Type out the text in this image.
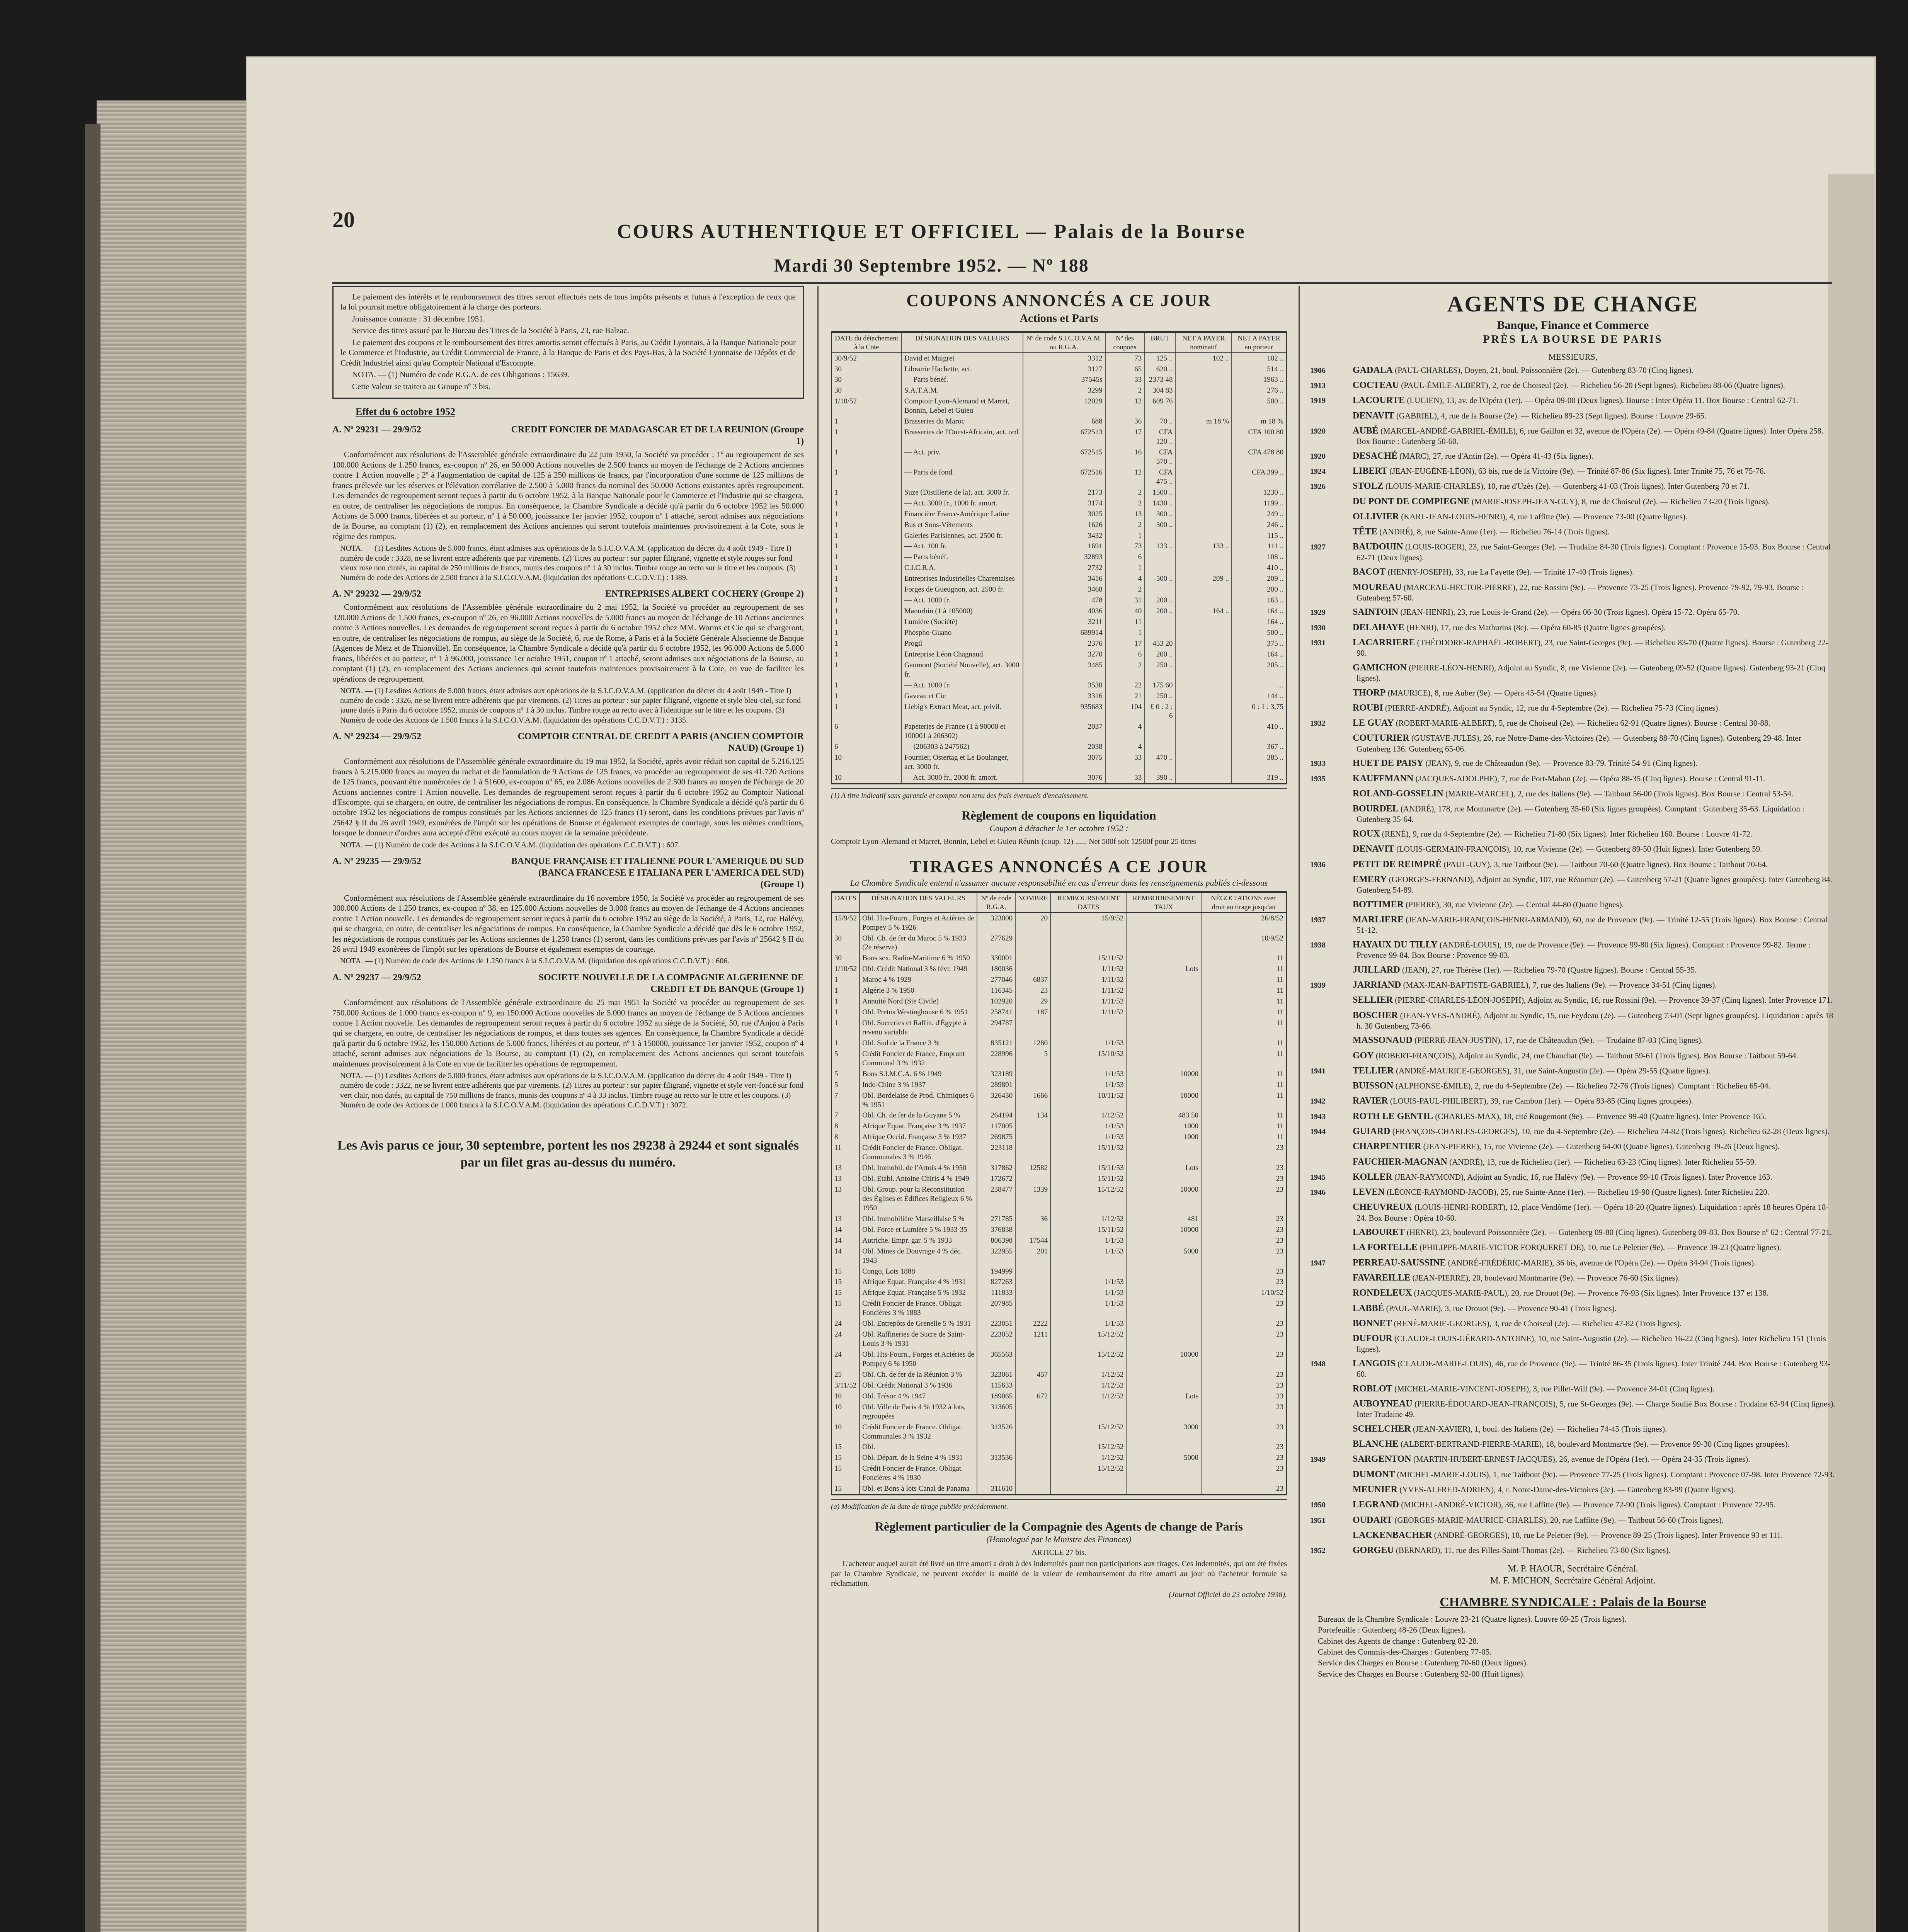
20	COURS AUTHENTIQUE ET OFFICIEL — Palais de la Bourse
Mardi 30 Septembre 1952. — Nº 188

Le paiement des intérêts et le remboursement des titres seront effectués nets de tous impôts présents et futurs à l'exception de ceux que la loi pourrait mettre obligatoirement à la charge des porteurs.

Jouissance courante : 31 décembre 1951.

Service des titres assuré par le Bureau des Titres de la Société à Paris, 23, rue Balzac.

Le paiement des coupons et le remboursement des titres amortis seront effectués à Paris, au Crédit Lyonnais, à la Banque Nationale pour le Commerce et l'Industrie, au Crédit Commercial de France, à la Banque de Paris et des Pays-Bas, à la Société Lyonnaise de Dépôts et de Crédit Industriel ainsi qu'au Comptoir National d'Escompte.

NOTA. — (1) Numéro de code R.G.A. de ces Obligations : 15639.

Cette Valeur se traitera au Groupe nº 3 bis.

Effet du 6 octobre 1952
A. Nº 29231 — 29/9/52	CREDIT FONCIER DE MADAGASCAR ET DE LA REUNION (Groupe 1)

Conformément aux résolutions de l'Assemblée générale extraordinaire du 22 juin 1950, la Société va procéder : 1º au regroupement de ses 100.000 Actions de 1.250 francs, ex-coupon nº 26, en 50.000 Actions nouvelles de 2.500 francs au moyen de l'échange de 2 Actions anciennes contre 1 Action nouvelle ; 2º à l'augmentation de capital de 125 à 250 millions de francs, par l'incorporation d'une somme de 125 millions de francs prélevée sur les réserves et l'élévation corrélative de 2.500 à 5.000 francs du nominal des 50.000 Actions existantes après regroupement. Les demandes de regroupement seront reçues à partir du 6 octobre 1952, à la Banque Nationale pour le Commerce et l'Industrie qui se chargera, en outre, de centraliser les négociations de rompus. En conséquence, la Chambre Syndicale a décidé qu'à partir du 6 octobre 1952 les 50.000 Actions de 5.000 francs, libérées et au porteur, nº 1 à 50.000, jouissance 1er janvier 1952, coupon nº 1 attaché, seront admises aux négociations de la Bourse, au comptant (1) (2), en remplacement des Actions anciennes qui seront toutefois maintenues provisoirement à la Cote, sous le régime des rompus.

NOTA. — (1) Lesdites Actions de 5.000 francs, étant admises aux opérations de la S.I.C.O.V.A.M. (application du décret du 4 août 1949 - Titre I) numéro de code : 3328, ne se livrent entre adhérents que par virements. (2) Titres au porteur : sur papier filigrané, vignette et style rouges sur fond vieux rose non cintés, au capital de 250 millions de francs, munis des coupons nº 1 à 30 inclus. Timbre rouge au recto sur le titre et les coupons. (3) Numéro de code des Actions de 2.500 francs à la S.I.C.O.V.A.M. (liquidation des opérations C.C.D.V.T.) : 1389.

A. Nº 29232 — 29/9/52	ENTREPRISES ALBERT COCHERY (Groupe 2)

Conformément aux résolutions de l'Assemblée générale extraordinaire du 2 mai 1952, la Société va procéder au regroupement de ses 320.000 Actions de 1.500 francs, ex-coupon nº 26, en 96.000 Actions nouvelles de 5.000 francs au moyen de l'échange de 10 Actions anciennes contre 3 Actions nouvelles. Les demandes de regroupement seront reçues à partir du 6 octobre 1952 chez MM. Worms et Cie qui se chargeront, en outre, de centraliser les négociations de rompus, au siège de la Société, 6, rue de Rome, à Paris et à la Société Générale Alsacienne de Banque (Agences de Metz et de Thionville). En conséquence, la Chambre Syndicale a décidé qu'à partir du 6 octobre 1952, les 96.000 Actions de 5.000 francs, libérées et au porteur, nº 1 à 96.000, jouissance 1er octobre 1951, coupon nº 1 attaché, seront admises aux négociations de la Bourse, au comptant (1) (2), en remplacement des Actions anciennes qui seront toutefois maintenues provisoirement à la Cote, en vue de faciliter les opérations de regroupement.

NOTA. — (1) Lesdites Actions de 5.000 francs, étant admises aux opérations de la S.I.C.O.V.A.M. (application du décret du 4 août 1949 - Titre I) numéro de code : 3326, ne se livrent entre adhérents que par virements. (2) Titres au porteur : sur papier filigrané, vignette et style bleu-ciel, sur fond jaune datés à Paris du 6 octobre 1952, munis de coupons nº 1 à 30 inclus. Timbre rouge au recto avec à l'identique sur le titre et les coupons. (3) Numéro de code des Actions de 1.500 francs à la S.I.C.O.V.A.M. (liquidation des opérations C.C.D.V.T.) : 3135.

A. Nº 29234 — 29/9/52	COMPTOIR CENTRAL DE CREDIT A PARIS (ANCIEN COMPTOIR NAUD) (Groupe 1)

Conformément aux résolutions de l'Assemblée générale extraordinaire du 19 mai 1952, la Société, après avoir réduit son capital de 5.216.125 francs à 5.215.000 francs au moyen du rachat et de l'annulation de 9 Actions de 125 francs, va procéder au regroupement de ses 41.720 Actions de 125 francs, pouvant être numérotées de 1 à 51600, ex-coupon nº 65, en 2.086 Actions nouvelles de 2.500 francs au moyen de l'échange de 20 Actions anciennes contre 1 Action nouvelle. Les demandes de regroupement seront reçues à partir du 6 octobre 1952 au Comptoir National d'Escompte, qui se chargera, en outre, de centraliser les négociations de rompus. En conséquence, la Chambre Syndicale a décidé qu'à partir du 6 octobre 1952 les négociations de rompus constitués par les Actions anciennes de 125 francs (1) seront, dans les conditions prévues par l'avis nº 25642 § II du 26 avril 1949, exonérées de l'impôt sur les opérations de Bourse et également exemptes de courtage, sous les mêmes conditions, lorsque le donneur d'ordres aura accepté d'être exécuté au cours moyen de la semaine précédente.

NOTA. — (1) Numéro de code des Actions à la S.I.C.O.V.A.M. (liquidation des opérations C.C.D.V.T.) : 607.

A. Nº 29235 — 29/9/52	BANQUE FRANÇAISE ET ITALIENNE POUR L'AMERIQUE DU SUD (BANCA FRANCESE E ITALIANA PER L'AMERICA DEL SUD) (Groupe 1)

Conformément aux résolutions de l'Assemblée générale extraordinaire du 16 novembre 1950, la Société va procéder au regroupement de ses 300.000 Actions de 1.250 francs, ex-coupon nº 38, en 125.000 Actions nouvelles de 3.000 francs au moyen de l'échange de 4 Actions anciennes contre 1 Action nouvelle. Les demandes de regroupement seront reçues à partir du 6 octobre 1952 au siège de la Société, à Paris, 12, rue Halévy, qui se chargera, en outre, de centraliser les négociations de rompus. En conséquence, la Chambre Syndicale a décidé que dès le 6 octobre 1952, les négociations de rompus constitués par les Actions anciennes de 1.250 francs (1) seront, dans les conditions prévues par l'avis nº 25642 § II du 26 avril 1949 exonérées de l'impôt sur les opérations de Bourse et également exemptes de courtage.

NOTA. — (1) Numéro de code des Actions de 1.250 francs à la S.I.C.O.V.A.M. (liquidation des opérations C.C.D.V.T.) : 606.

A. Nº 29237 — 29/9/52	SOCIETE NOUVELLE DE LA COMPAGNIE ALGERIENNE DE CREDIT ET DE BANQUE (Groupe 1)

Conformément aux résolutions de l'Assemblée générale extraordinaire du 25 mai 1951 la Société va procéder au regroupement de ses 750.000 Actions de 1.000 francs ex-coupon nº 9, en 150.000 Actions nouvelles de 5.000 francs au moyen de l'échange de 5 Actions anciennes contre 1 Action nouvelle. Les demandes de regroupement seront reçues à partir du 6 octobre 1952 au siège de la Société, 50, rue d'Anjou à Paris qui se chargera, en outre, de centraliser les négociations de rompus, et dans toutes ses agences. En conséquence, la Chambre Syndicale a décidé qu'à partir du 6 octobre 1952, les 150.000 Actions de 5.000 francs, libérées et au porteur, nº 1 à 150000, jouissance 1er janvier 1952, coupon nº 4 attaché, seront admises aux négociations de la Bourse, au comptant (1) (2), en remplacement des Actions anciennes qui seront toutefois maintenues provisoirement à la Cote en vue de faciliter les opérations de regroupement.

NOTA. — (1) Lesdites Actions de 5.000 francs, étant admises aux opérations de la S.I.C.O.V.A.M. (application du décret du 4 août 1949 - Titre I) numéro de code : 3322, ne se livrent entre adhérents que par virements. (2) Titres au porteur : sur papier filigrané, vignette et style vert-foncé sur fond vert clair, non datés, au capital de 750 millions de francs, munis des coupons nº 4 à 33 inclus. Timbre rouge au recto sur le titre et les coupons. (3) Numéro de code des Actions de 1.000 francs à la S.I.C.O.V.A.M. (liquidation des opérations C.C.D.V.T.) : 3072.

Les Avis parus ce jour, 30 septembre, portent les nos 29238 à 29244 et sont signalés par un filet gras au-dessus du numéro.
COUPONS ANNONCÉS A CE JOUR
Actions et Parts
DATE du détachement à la Cote	DÉSIGNATION DES VALEURS	Nº de code S.I.C.O.V.A.M. ou R.G.A.	Nº des coupons	BRUT	NET A PAYER nominatif	NET A PAYER au porteur
30/9/52	David et Maigret	3312	73	125 ..	102 ..	102 ..
30	Librairie Hachette, act.	3127	65	620 ..		514 ..
30	— Parts bénéf.	37545s	33	2373 48		1963 ..
30	S.A.T.A.M.	3299	2	304 83		276 ..
1/10/52	Comptoir Lyon-Alemand et Marret, Bonnin, Lebel et Guieu	12029	12	609 76		500 ..
1	Brasseries du Maroc	688	36	70 ..	m 18 %	m 18 %
1	Brasseries de l'Ouest-Africain, act. ord.	672513	17	CFA 120 ..		CFA 100 80
1	— Act. priv.	672515	16	CFA 570 ..		CFA 478 80
1	— Parts de fond.	672516	12	CFA 475 ..		CFA 399 ..
1	Suze (Distillerie de la), act. 3000 fr.	2173	2	1500 ..		1230 ..
1	— Act. 3000 fr., 1000 fr. amort.	3174	2	1430 ..		1199 ..
1	Financière France-Amérique Latine	3025	13	300 ..		249 ..
1	Bus et Sons-Vêtements	1626	2	300 ..		246 ..
1	Galeries Parisiennes, act. 2500 fr.	3432	1			115 ..
1	— Act. 100 fr.	1691	73	133 ..	133 ..	111 ..
1	— Parts bénéf.	32893	6			108 ..
1	C.I.C.R.A.	2732	1			410 ..
1	Entreprises Industrielles Charentaises	3416	4	500 ..	209 ..	209 ..
1	Forges de Gueugnon, act. 2500 fr.	3468	2			200 ..
1	— Act. 1000 fr.	478	31	200 ..		163 ..
1	Manurhin (1 à 105000)	4036	40	200 ..	164 ..	164 ..
1	Lumière (Société)	3211	11			164 ..
1	Phospho-Guano	689914	1			500 ..
1	Progil	2376	17	453 20		375 ..
1	Entreprise Léon Chagnaud	3270	6	200 ..		164 ..
1	Gaumont (Société Nouvelle), act. 3000 fr.	3485	2	250 ..		205 ..
1	— Act. 1000 fr.	3530	22	175 60		...
1	Gaveau et Cie	3316	21	250 ..		144 ..
1	Liebig's Extract Meat, act. privil.	935683	104	£ 0 : 2 : 6		0 : 1 : 3,75
6	Papeteries de France (1 à 90000 et 100001 à 206302)	2037	4			410 ..
6	— (206303 à 247562)	2038	4			367 ..
10	Fournier, Ostertag et Le Boulanger, act. 3000 fr.	3075	33	470 ..		385 ..
10	— Act. 3000 fr., 2000 fr. amort.	3076	33	390 ..		319 ..
(1) A titre indicatif sans garantie et compte non tenu des frais éventuels d'encaissement.
Règlement de coupons en liquidation
Coupon à détacher le 1er octobre 1952 :
Comptoir Lyon-Alemand et Marret, Bonnin, Lebel et Guieu Réunis (coup. 12) ...... Net 500f soit 12500f pour 25 titres
TIRAGES ANNONCÉS A CE JOUR
La Chambre Syndicale entend n'assumer aucune responsabilité en cas d'erreur dans les renseignements publiés ci-dessous
DATES	DÉSIGNATION DES VALEURS	Nº de code R.G.A.	NOMBRE	REMBOURSEMENT DATES	REMBOURSEMENT TAUX	NÉGOCIATIONS avec droit au tirage jusqu'au
15/9/52	Obl. Hts-Fourn., Forges et Aciéries de Pompey 5 % 1926	323000	20	15/9/52		26/8/52
30	Obl. Ch. de fer du Maroc 5 % 1933 (2e réserve)	277629				10/9/52
30	Bons sex. Radio-Maritime 6 % 1950	330001		15/11/52		11
1/10/52	Obl. Crédit National 3 % févr. 1949	180036		1/11/52	Lots	11
1	Maroc 4 % 1929	277046	6837	1/11/52		11
1	Algérie 3 % 1950	116345	23	1/11/52		11
1	Annuité Nord (Ste Civile)	102920	29	1/11/52		11
1	Obl. Pretos Westinghouse 6 % 1951	258741	187	1/11/52		11
1	Obl. Sucreries et Raffin. d'Égypte à revenu variable	294787				11
1	Obl. Sud de la France 3 %	835121	1280	1/1/53		11
5	Crédit Foncier de France, Emprunt Communal 3 % 1932	228996	5	15/10/52		11
5	Bons S.I.M.C.A. 6 % 1949	323189		1/1/53	10000	11
5	Indo-Chine 3 % 1937	289801		1/1/53		11
7	Obl. Bordelaise de Prod. Chimiques 6 % 1951	326430	1666	10/11/52	10000	11
7	Obl. Ch. de fer de la Guyane 5 %	264194	134	1/12/52	483 50	11
8	Afrique Equat. Française 3 % 1937	117005		1/1/53	1000	11
8	Afrique Occid. Française 3 % 1937	269875		1/1/53	1000	11
11	Crédit Foncier de France. Obligat. Communales 3 % 1946	223118		15/11/52		23
13	Obl. Immobil. de l'Artois 4 % 1950	317862	12582	15/11/53	Lots	23
13	Obl. Etabl. Antoine Chiris 4 % 1949	172672		15/11/52		23
13	Obl. Group. pour la Reconstitution des Églises et Édifices Religieux 6 % 1950	238477	1339	15/12/52	10000	23
13	Obl. Immobilière Marseillaise 5 %	271785	36	1/12/52	481	23
14	Obl. Force et Lumière 5 % 1933-35	376838		15/11/52	10000	23
14	Autriche. Empr. gar. 5 % 1933	806398	17544	1/1/53		23
14	Obl. Mines de Douvrage 4 % déc. 1943	322955	201	1/1/53	5000	23
15	Congo, Lots 1888	194999				23
15	Afrique Equat. Française 4 % 1931	827263		1/1/53		23
15	Afrique Equat. Française 5 % 1932	111833		1/1/53		1/10/52
15	Crédit Foncier de France. Obligat. Foncières 3 % 1883	207985		1/1/53		23
24	Obl. Entrepôts de Grenelle 5 % 1931	223051	2222	1/1/53		23
24	Obl. Raffineries de Sucre de Saint-Louis 3 % 1931	223052	1211	15/12/52		23
24	Obl. Hts-Fourn., Forges et Aciéries de Pompey 6 % 1950	365563		15/12/52	10000	23
25	Obl. Ch. de fer de la Réunion 3 %	323061	457	1/12/52		23
3/11/52	Obl. Crédit National 3 % 1936	115633		1/12/52		23
10	Obl. Trésor 4 % 1947	189065	672	1/12/52	Lots	23
10	Obl. Ville de Paris 4 % 1932 à lots, regroupées	313605				23
10	Crédit Foncier de France. Obligat. Communales 3 % 1932	313526		15/12/52	3000	23
15	Obl.			15/12/52		23
15	Obl. Départ. de la Seine 4 % 1931	313536		1/12/52	5000	23
15	Crédit Foncier de France. Obligat. Foncières 4 % 1930			15/12/52		23
15	Obl. et Bons à lots Canal de Panama	311610				23
(a) Modification de la date de tirage publiée précédemment.
Règlement particulier de la Compagnie des Agents de change de Paris
(Homologué par le Ministre des Finances)
ARTICLE 27 bis.

L'acheteur auquel aurait été livré un titre amorti a droit à des indemnités pour non participations aux tirages. Ces indemnités, qui ont été fixées par la Chambre Syndicale, ne peuvent excéder la moitié de la valeur de remboursement du titre amorti au jour où l'acheteur formule sa réclamation.

(Journal Officiel du 23 octobre 1938).
AGENTS DE CHANGE
Banque, Finance et Commerce
PRÈS LA BOURSE DE PARIS
MESSIEURS,

1906	GADALA (PAUL-CHARLES), Doyen, 21, boul. Poissonnière (2e). — Gutenberg 83-70 (Cinq lignes).

1913	COCTEAU (PAUL-ÉMILE-ALBERT), 2, rue de Choiseul (2e). — Richelieu 56-20 (Sept lignes). Richelieu 88-06 (Quatre lignes).

1919	LACOURTE (LUCIEN), 13, av. de l'Opéra (1er). — Opéra 09-00 (Deux lignes). Bourse : Inter Opéra 11. Box Bourse : Central 62-71.

DENAVIT (GABRIEL), 4, rue de la Bourse (2e). — Richelieu 89-23 (Sept lignes). Bourse : Louvre 29-65.

1920	AUBÉ (MARCEL-ANDRÉ-GABRIEL-ÉMILE), 6, rue Gaillon et 32, avenue de l'Opéra (2e). — Opéra 49-84 (Quatre lignes). Inter Opéra 258. Box Bourse : Gutenberg 50-60.

1920	DESACHÉ (MARC), 27, rue d'Antin (2e). — Opéra 41-43 (Six lignes).

1924	LIBERT (JEAN-EUGÈNE-LÉON), 63 bis, rue de la Victoire (9e). — Trinité 87-86 (Six lignes). Inter Trinité 75, 76 et 75-76.

1926	STOLZ (LOUIS-MARIE-CHARLES), 10, rue d'Uzès (2e). — Gutenberg 41-03 (Trois lignes). Inter Gutenberg 70 et 71.

DU PONT DE COMPIEGNE (MARIE-JOSEPH-JEAN-GUY), 8, rue de Choiseul (2e). — Richelieu 73-20 (Trois lignes).

OLLIVIER (KARL-JEAN-LOUIS-HENRI), 4, rue Laffitte (9e). — Provence 73-00 (Quatre lignes).

TÊTE (ANDRÉ), 8, rue Sainte-Anne (1er). — Richelieu 76-14 (Trois lignes).

1927	BAUDOUIN (LOUIS-ROGER), 23, rue Saint-Georges (9e). — Trudaine 84-30 (Trois lignes). Comptant : Provence 15-93. Box Bourse : Central 62-71 (Deux lignes).

BACOT (HENRY-JOSEPH), 33, rue La Fayette (9e). — Trinité 17-40 (Trois lignes).

MOUREAU (MARCEAU-HECTOR-PIERRE), 22, rue Rossini (9e). — Provence 73-25 (Trois lignes). Provence 79-92, 79-93. Bourse : Gutenberg 57-60.

1929	SAINTOIN (JEAN-HENRI), 23, rue Louis-le-Grand (2e). — Opéra 06-30 (Trois lignes). Opéra 15-72. Opéra 65-70.

1930	DELAHAYE (HENRI), 17, rue des Mathurins (8e). — Opéra 60-85 (Quatre lignes groupées).

1931	LACARRIERE (THÉODORE-RAPHAËL-ROBERT), 23, rue Saint-Georges (9e). — Richelieu 83-70 (Quatre lignes). Bourse : Gutenberg 22-90.

GAMICHON (PIERRE-LÉON-HENRI), Adjoint au Syndic, 8, rue Vivienne (2e). — Gutenberg 09-52 (Quatre lignes). Gutenberg 93-21 (Cinq lignes).

THORP (MAURICE), 8, rue Auber (9e). — Opéra 45-54 (Quatre lignes).

ROUBI (PIERRE-ANDRÉ), Adjoint au Syndic, 12, rue du 4-Septembre (2e). — Richelieu 75-73 (Cinq lignes).

1932	LE GUAY (ROBERT-MARIE-ALBERT), 5, rue de Choiseul (2e). — Richelieu 62-91 (Quatre lignes). Bourse : Central 30-88.

COUTURIER (GUSTAVE-JULES), 26, rue Notre-Dame-des-Victoires (2e). — Gutenberg 88-70 (Cinq lignes). Gutenberg 29-48. Inter Gutenberg 136. Gutenberg 65-06.

1933	HUET DE PAISY (JEAN), 9, rue de Châteaudun (9e). — Provence 83-79. Trinité 54-91 (Cinq lignes).

1935	KAUFFMANN (JACQUES-ADOLPHE), 7, rue de Port-Mahon (2e). — Opéra 88-35 (Cinq lignes). Bourse : Central 91-11.

ROLAND-GOSSELIN (MARIE-MARCEL), 2, rue des Italiens (9e). — Taitbout 56-00 (Trois lignes). Box Bourse : Central 53-54.

BOURDEL (ANDRÉ), 178, rue Montmartre (2e). — Gutenberg 35-60 (Six lignes groupées). Comptant : Gutenberg 35-63. Liquidation : Gutenberg 35-64.

ROUX (RENÉ), 9, rue du 4-Septembre (2e). — Richelieu 71-80 (Six lignes). Inter Richelieu 160. Bourse : Louvre 41-72.

DENAVIT (LOUIS-GERMAIN-FRANÇOIS), 10, rue Vivienne (2e). — Gutenberg 89-50 (Huit lignes). Inter Gutenberg 59.

1936	PETIT DE REIMPRÉ (PAUL-GUY), 3, rue Taitbout (9e). — Taitbout 70-60 (Quatre lignes). Box Bourse : Taitbout 70-64.

EMERY (GEORGES-FERNAND), Adjoint au Syndic, 107, rue Réaumur (2e). — Gutenberg 57-21 (Quatre lignes groupées). Inter Gutenberg 84. Gutenberg 54-89.

BOTTIMER (PIERRE), 30, rue Vivienne (2e). — Central 44-80 (Quatre lignes).

1937	MARLIERE (JEAN-MARIE-FRANÇOIS-HENRI-ARMAND), 60, rue de Provence (9e). — Trinité 12-55 (Trois lignes). Box Bourse : Central 51-12.

1938	HAYAUX DU TILLY (ANDRÉ-LOUIS), 19, rue de Provence (9e). — Provence 99-80 (Six lignes). Comptant : Provence 99-82. Terme : Provence 99-84. Box Bourse : Provence 99-83.

JUILLARD (JEAN), 27, rue Thérèse (1er). — Richelieu 79-70 (Quatre lignes). Bourse : Central 55-35.

1939	JARRIAND (MAX-JEAN-BAPTISTE-GABRIEL), 7, rue des Italiens (9e). — Provence 34-51 (Cinq lignes).

SELLIER (PIERRE-CHARLES-LÉON-JOSEPH), Adjoint au Syndic, 16, rue Rossini (9e). — Provence 39-37 (Cinq lignes). Inter Provence 171.

BOSCHER (JEAN-YVES-ANDRÉ), Adjoint au Syndic, 15, rue Feydeau (2e). — Gutenberg 73-01 (Sept lignes groupées). Liquidation : après 18 h. 30 Gutenberg 73-66.

MASSONAUD (PIERRE-JEAN-JUSTIN), 17, rue de Châteaudun (9e). — Trudaine 87-03 (Cinq lignes).

GOY (ROBERT-FRANÇOIS), Adjoint au Syndic, 24, rue Chauchat (9e). — Taitbout 59-61 (Trois lignes). Box Bourse : Taitbout 59-64.

1941	TELLIER (ANDRÉ-MAURICE-GEORGES), 31, rue Saint-Augustin (2e). — Opéra 29-55 (Quatre lignes).

BUISSON (ALPHONSE-ÉMILE), 2, rue du 4-Septembre (2e). — Richelieu 72-76 (Trois lignes). Comptant : Richelieu 65-04.

1942	RAVIER (LOUIS-PAUL-PHILIBERT), 39, rue Cambon (1er). — Opéra 83-85 (Cinq lignes groupées).

1943	ROTH LE GENTIL (CHARLES-MAX), 18, cité Rougemont (9e). — Provence 99-40 (Quatre lignes). Inter Provence 165.

1944	GUIARD (FRANÇOIS-CHARLES-GEORGES), 10, rue du 4-Septembre (2e). — Richelieu 74-82 (Trois lignes). Richelieu 62-28 (Deux lignes).

CHARPENTIER (JEAN-PIERRE), 15, rue Vivienne (2e). — Gutenberg 64-00 (Quatre lignes). Gutenberg 39-26 (Deux lignes).

FAUCHIER-MAGNAN (ANDRÉ), 13, rue de Richelieu (1er). — Richelieu 63-23 (Cinq lignes). Inter Richelieu 55-59.

1945	KOLLER (JEAN-RAYMOND), Adjoint au Syndic, 16, rue Halévy (9e). — Provence 99-10 (Trois lignes). Inter Provence 163.

1946	LEVEN (LÉONCE-RAYMOND-JACOB), 25, rue Sainte-Anne (1er). — Richelieu 19-90 (Quatre lignes). Inter Richelieu 220.

CHEUVREUX (LOUIS-HENRI-ROBERT), 12, place Vendôme (1er). — Opéra 18-20 (Quatre lignes). Liquidation : après 18 heures Opéra 18-24. Box Bourse : Opéra 10-60.

LABOURET (HENRI), 23, boulevard Poissonnière (2e). — Gutenberg 09-80 (Cinq lignes). Gutenberg 09-83. Box Bourse nº 62 : Central 77-21.

LA FORTELLE (PHILIPPE-MARIE-VICTOR FORQUERET DE), 10, rue Le Peletier (9e). — Provence 39-23 (Quatre lignes).

1947	PERREAU-SAUSSINE (ANDRÉ-FRÉDÉRIC-MARIE), 36 bis, avenue de l'Opéra (2e). — Opéra 34-94 (Trois lignes).

FAVAREILLE (JEAN-PIERRE), 20, boulevard Montmartre (9e). — Provence 76-60 (Six lignes).

RONDELEUX (JACQUES-MARIE-PAUL), 20, rue Drouot (9e). — Provence 76-93 (Six lignes). Inter Provence 137 et 138.

LABBÉ (PAUL-MARIE), 3, rue Drouot (9e). — Provence 90-41 (Trois lignes).

BONNET (RENÉ-MARIE-GEORGES), 3, rue de Choiseul (2e). — Richelieu 47-82 (Trois lignes).

DUFOUR (CLAUDE-LOUIS-GÉRARD-ANTOINE), 10, rue Saint-Augustin (2e). — Richelieu 16-22 (Cinq lignes). Inter Richelieu 151 (Trois lignes).

1948	LANGOIS (CLAUDE-MARIE-LOUIS), 46, rue de Provence (9e). — Trinité 86-35 (Trois lignes). Inter Trinité 244. Box Bourse : Gutenberg 93-60.

ROBLOT (MICHEL-MARIE-VINCENT-JOSEPH), 3, rue Pillet-Will (9e). — Provence 34-01 (Cinq lignes).

AUBOYNEAU (PIERRE-ÉDOUARD-JEAN-FRANÇOIS), 5, rue St-Georges (9e). — Charge Soulié Box Bourse : Trudaine 63-94 (Cinq lignes). Inter Trudaine 49.

SCHELCHER (JEAN-XAVIER), 1, boul. des Italiens (2e). — Richelieu 74-45 (Trois lignes).

BLANCHE (ALBERT-BERTRAND-PIERRE-MARIE), 18, boulevard Montmartre (9e). — Provence 99-30 (Cinq lignes groupées).

1949	SARGENTON (MARTIN-HUBERT-ERNEST-JACQUES), 26, avenue de l'Opéra (1er). — Opéra 24-35 (Trois lignes).

DUMONT (MICHEL-MARIE-LOUIS), 1, rue Taitbout (9e). — Provence 77-25 (Trois lignes). Comptant : Provence 07-98. Inter Provence 72-93.

MEUNIER (YVES-ALFRED-ADRIEN), 4, r. Notre-Dame-des-Victoires (2e). — Gutenberg 83-99 (Quatre lignes).

1950	LEGRAND (MICHEL-ANDRÉ-VICTOR), 36, rue Laffitte (9e). — Provence 72-90 (Trois lignes). Comptant : Provence 72-95.

1951	OUDART (GEORGES-MARIE-MAURICE-CHARLES), 20, rue Laffitte (9e). — Taitbout 56-60 (Trois lignes).

LACKENBACHER (ANDRÉ-GEORGES), 18, rue Le Peletier (9e). — Provence 89-25 (Trois lignes). Inter Provence 93 et 111.

1952	GORGEU (BERNARD), 11, rue des Filles-Saint-Thomas (2e). — Richelieu 73-80 (Six lignes).

M. P. HAOUR, Secrétaire Général.
M. F. MICHON, Secrétaire Général Adjoint.
CHAMBRE SYNDICALE : Palais de la Bourse
Bureaux de la Chambre Syndicale : Louvre 23-21 (Quatre lignes). Louvre 69-25 (Trois lignes).
Portefeuille : Gutenberg 48-26 (Deux lignes).
Cabinet des Agents de change : Gutenberg 82-28.
Cabinet des Commis-des-Charges : Gutenberg 77-05.
Service des Charges en Bourse : Gutenberg 70-60 (Deux lignes).
Service des Charges en Bourse : Gutenberg 92-00 (Huit lignes).
